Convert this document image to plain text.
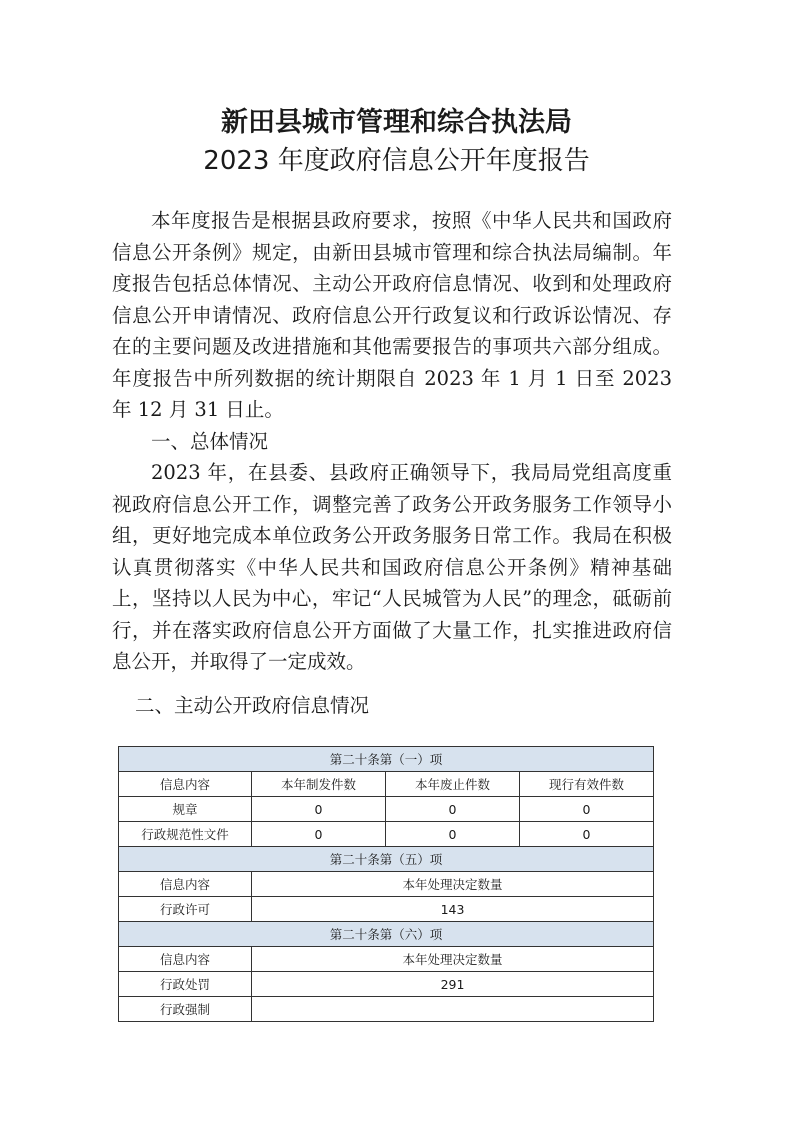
新田县城市管理和综合执法局
2023 年度政府信息公开年度报告

本年度报告是根据县政府要求，按照《中华人民共和国政府信息公开条例》规定，由新田县城市管理和综合执法局编制。年度报告包括总体情况、主动公开政府信息情况、收到和处理政府信息公开申请情况、政府信息公开行政复议和行政诉讼情况、存在的主要问题及改进措施和其他需要报告的事项共六部分组成。年度报告中所列数据的统计期限自 2023 年 1 月 1 日至 2023 年 12 月 31 日止。

一、总体情况

2023 年，在县委、县政府正确领导下，我局局党组高度重视政府信息公开工作，调整完善了政务公开政务服务工作领导小组，更好地完成本单位政务公开政务服务日常工作。我局在积极认真贯彻落实《中华人民共和国政府信息公开条例》精神基础上，坚持以人民为中心，牢记“人民城管为人民”的理念，砥砺前行，并在落实政府信息公开方面做了大量工作，扎实推进政府信息公开，并取得了一定成效。

二、主动公开政府信息情况
第二十条第（一）项			
信息内容	本年制发件数	本年废止件数	现行有效件数
规章	0	0	0
行政规范性文件	0	0	0
第二十条第（五）项			
信息内容	本年处理决定数量		
行政许可	143		
第二十条第（六）项			
信息内容	本年处理决定数量		
行政处罚	291		
行政强制			
